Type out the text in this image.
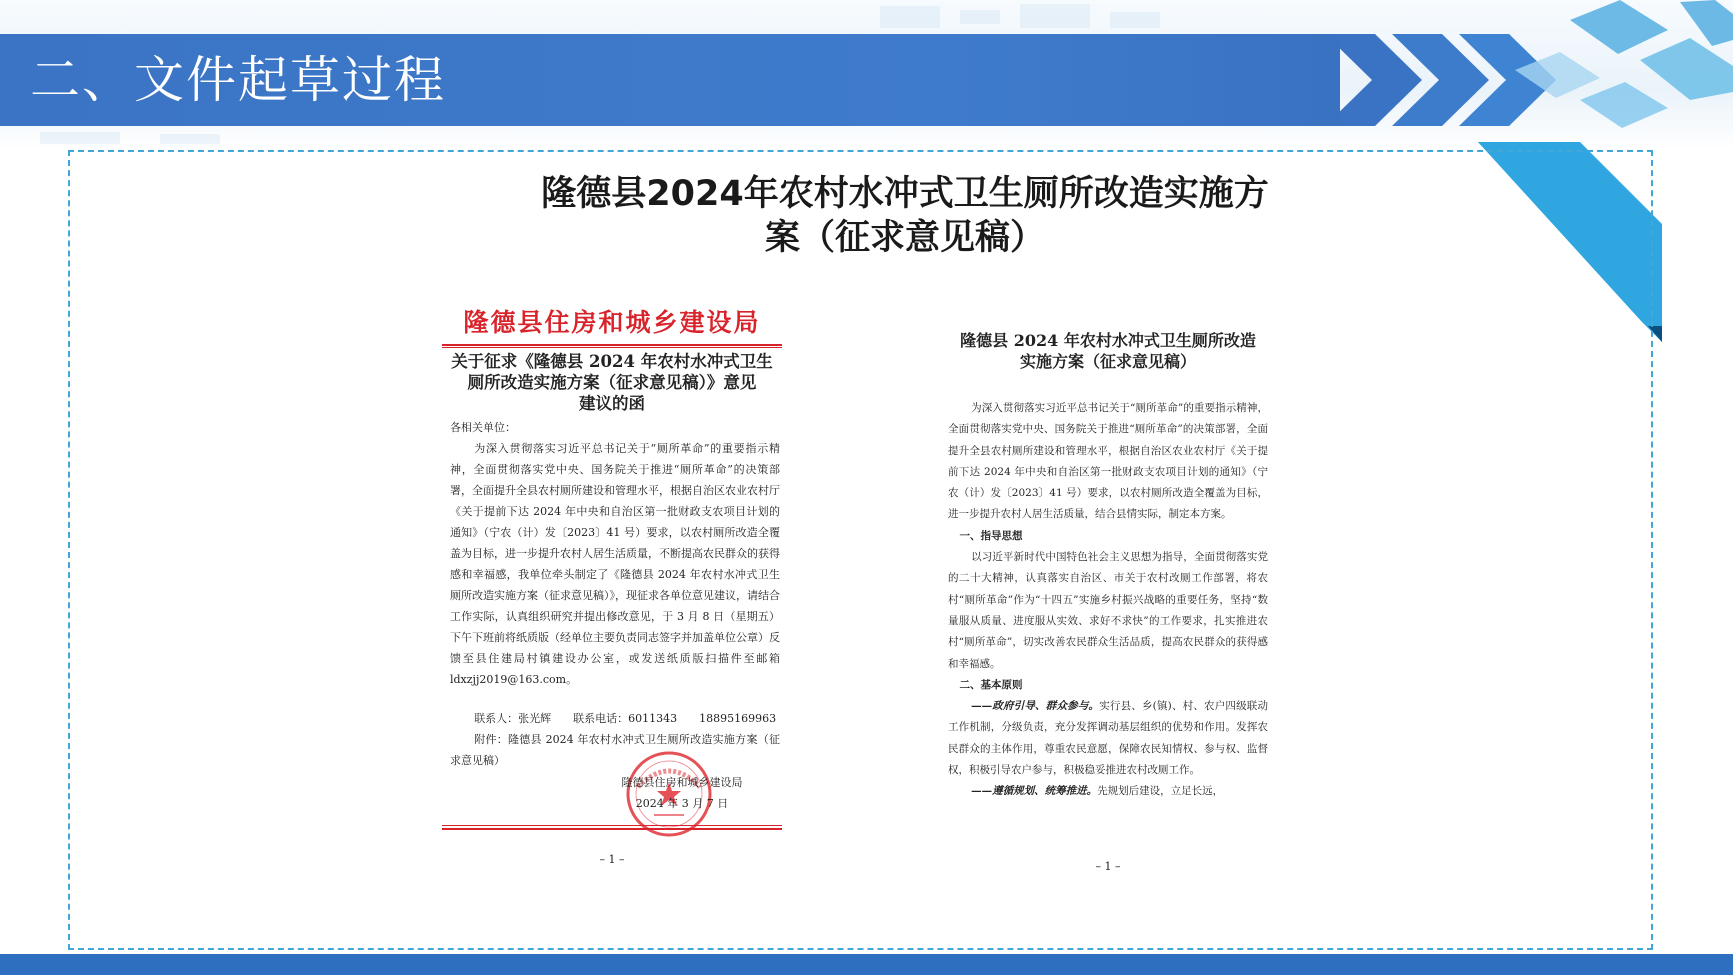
二、文件起草过程
隆德县2024年农村水冲式卫生厕所改造实施方
案（征求意见稿）
隆德县住房和城乡建设局
关于征求《隆德县 2024 年农村水冲式卫生
厕所改造实施方案（征求意见稿）》意见
建议的函

各相关单位：

为深入贯彻落实习近平总书记关于“厕所革命”的重要指示精神，全面贯彻落实党中央、国务院关于推进“厕所革命”的决策部署，全面提升全县农村厕所建设和管理水平，根据自治区农业农村厅《关于提前下达 2024 年中央和自治区第一批财政支农项目计划的通知》（宁农（计）发〔2023〕41 号）要求，以农村厕所改造全覆盖为目标，进一步提升农村人居生活质量，不断提高农民群众的获得感和幸福感，我单位牵头制定了《隆德县 2024 年农村水冲式卫生厕所改造实施方案（征求意见稿）》，现征求各单位意见建议，请结合工作实际，认真组织研究并提出修改意见，于 3 月 8 日（星期五）下午下班前将纸质版（经单位主要负责同志签字并加盖单位公章）反馈至县住建局村镇建设办公室，或发送纸质版扫描件至邮箱 ldxzjj2019@163.com。

联系人：张光辉　　联系电话：6011343　　18895169963

附件：隆德县 2024 年农村水冲式卫生厕所改造实施方案（征求意见稿）

隆德县住房和城乡建设局
2024 年 3 月 7 日
– 1 –
隆德县 2024 年农村水冲式卫生厕所改造
实施方案（征求意见稿）

为深入贯彻落实习近平总书记关于“厕所革命”的重要指示精神，全面贯彻落实党中央、国务院关于推进“厕所革命”的决策部署，全面提升全县农村厕所建设和管理水平，根据自治区农业农村厅《关于提前下达 2024 年中央和自治区第一批财政支农项目计划的通知》（宁农（计）发〔2023〕41 号）要求，以农村厕所改造全覆盖为目标，进一步提升农村人居生活质量，结合县情实际，制定本方案。

一、指导思想

以习近平新时代中国特色社会主义思想为指导，全面贯彻落实党的二十大精神，认真落实自治区、市关于农村改厕工作部署，将农村“厕所革命”作为“十四五”实施乡村振兴战略的重要任务，坚持“数量服从质量、进度服从实效、求好不求快”的工作要求，扎实推进农村“厕所革命”，切实改善农民群众生活品质，提高农民群众的获得感和幸福感。

二、基本原则

——政府引导、群众参与。实行县、乡(镇)、村、农户四级联动工作机制，分级负责，充分发挥调动基层组织的优势和作用。发挥农民群众的主体作用，尊重农民意愿，保障农民知情权、参与权、监督权，积极引导农户参与，积极稳妥推进农村改厕工作。

——遵循规划、统筹推进。先规划后建设，立足长远，

– 1 –
